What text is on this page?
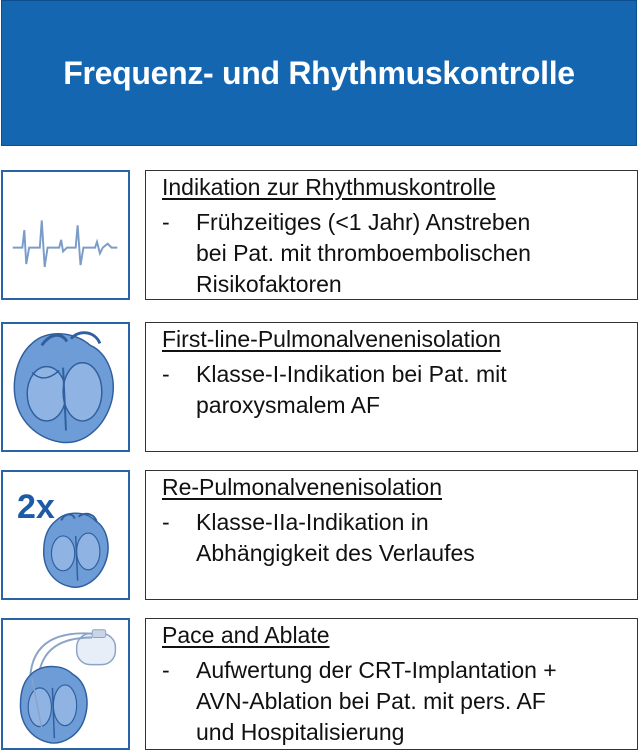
Frequenz- und Rhythmuskontrolle
Indikation zur Rhythmuskontrolle
-	Frühzeitiges (<1 Jahr) Anstreben
bei Pat. mit thromboembolischen
Risikofaktoren
First-line-Pulmonalvenenisolation
-	Klasse-I-Indikation bei Pat. mit
paroxysmalem AF
2x
Re-Pulmonalvenenisolation
-	Klasse-IIa-Indikation in
Abhängigkeit des Verlaufes
Pace and Ablate
-	Aufwertung der CRT-Implantation +
AVN-Ablation bei Pat. mit pers. AF
und Hospitalisierung
